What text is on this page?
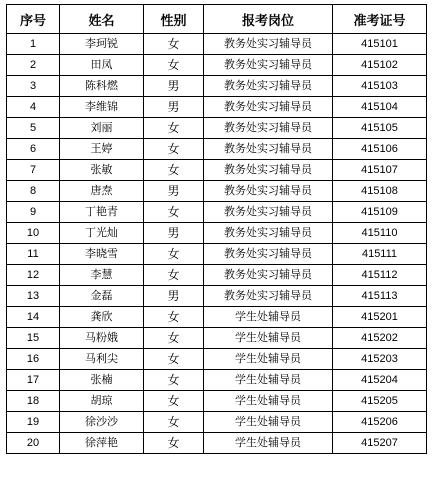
序号	姓名	性别	报考岗位	准考证号
1	李珂锐	女	教务处实习辅导员	415101
2	田凤	女	教务处实习辅导员	415102
3	陈科燃	男	教务处实习辅导员	415103
4	李维锦	男	教务处实习辅导员	415104
5	刘丽	女	教务处实习辅导员	415105
6	王婷	女	教务处实习辅导员	415106
7	张敏	女	教务处实习辅导员	415107
8	唐焘	男	教务处实习辅导员	415108
9	丁艳青	女	教务处实习辅导员	415109
10	丁光灿	男	教务处实习辅导员	415110
11	李晓雪	女	教务处实习辅导员	415111
12	李慧	女	教务处实习辅导员	415112
13	金磊	男	教务处实习辅导员	415113
14	龚欣	女	学生处辅导员	415201
15	马粉娥	女	学生处辅导员	415202
16	马利尖	女	学生处辅导员	415203
17	张楠	女	学生处辅导员	415204
18	胡琼	女	学生处辅导员	415205
19	徐沙沙	女	学生处辅导员	415206
20	徐萍艳	女	学生处辅导员	415207
